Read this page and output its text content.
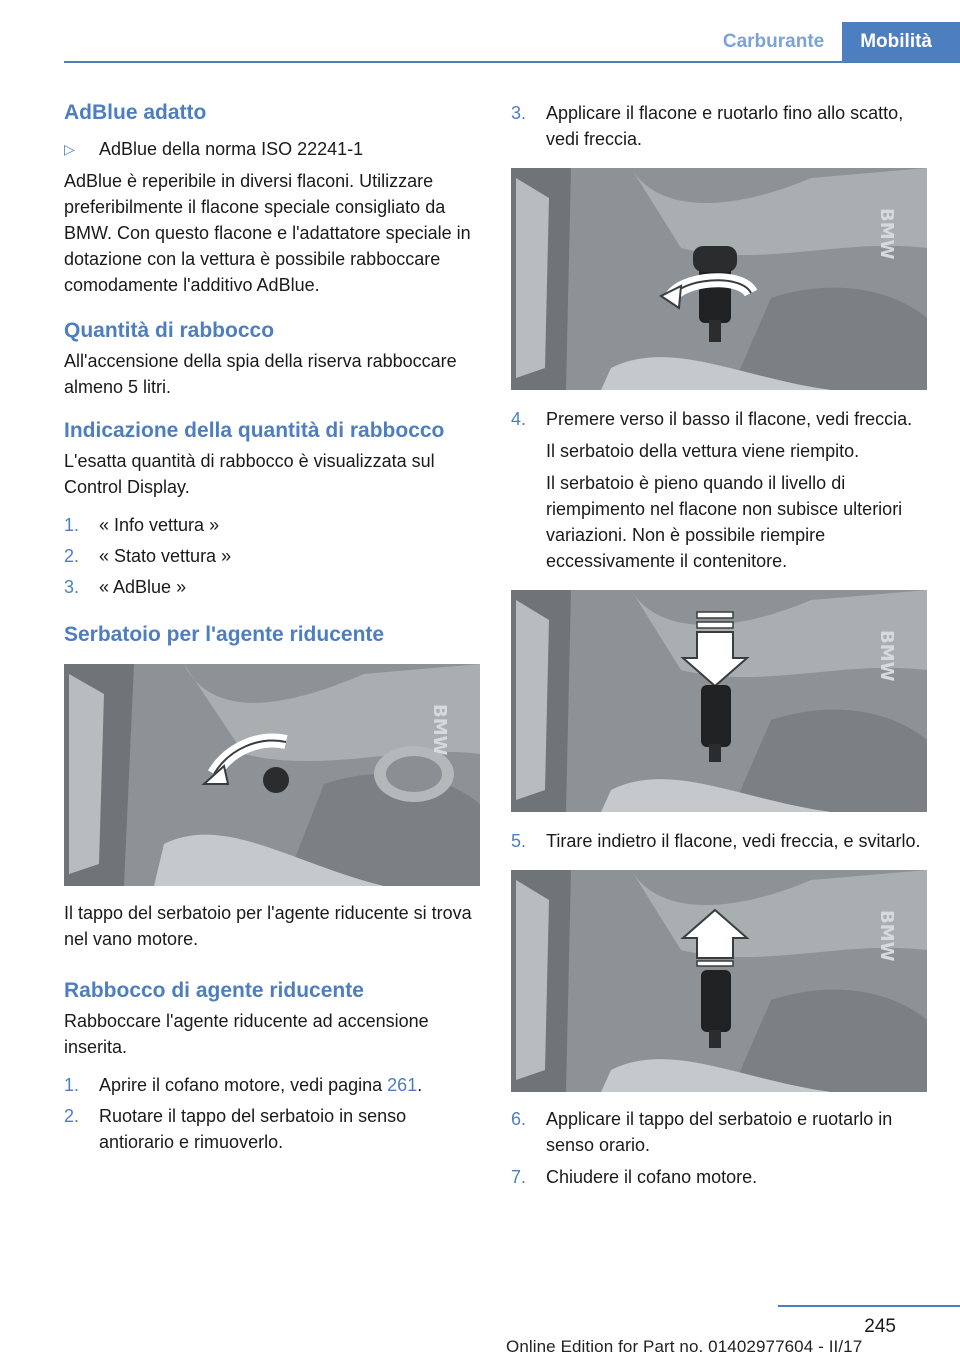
Carburante	Mobilità
AdBlue adatto
▷ AdBlue della norma ISO 22241-1

AdBlue è reperibile in diversi flaconi. Utilizzare preferibilmente il flacone speciale consigliato da BMW. Con questo flacone e l'adattatore speciale in dotazione con la vettura è possibile rabboccare comodamente l'additivo AdBlue.

Quantità di rabbocco

All'accensione della spia della riserva rabboccare almeno 5 litri.

Indicazione della quantità di rabbocco

L'esatta quantità di rabbocco è visualizzata sul Control Display.

1. « Info vettura »
2. « Stato vettura »
3. « AdBlue »
Serbatoio per l'agente riducente
BMW

Il tappo del serbatoio per l'agente riducente si trova nel vano motore.

Rabbocco di agente riducente

Rabboccare l'agente riducente ad accensione inserita.

1. Aprire il cofano motore, vedi pagina 261.
2. Ruotare il tappo del serbatoio in senso antiorario e rimuoverlo.
3. Applicare il flacone e ruotarlo fino allo scatto, vedi freccia.
BMW
4. Premere verso il basso il flacone, vedi freccia.

Il serbatoio della vettura viene riempito.

Il serbatoio è pieno quando il livello di riempimento nel flacone non subisce ulteriori variazioni. Non è possibile riempire eccessivamente il contenitore.

BMW
5. Tirare indietro il flacone, vedi freccia, e svitarlo.
BMW
6. Applicare il tappo del serbatoio e ruotarlo in senso orario.
7. Chiudere il cofano motore.
245
Online Edition for Part no. 01402977604 - II/17
